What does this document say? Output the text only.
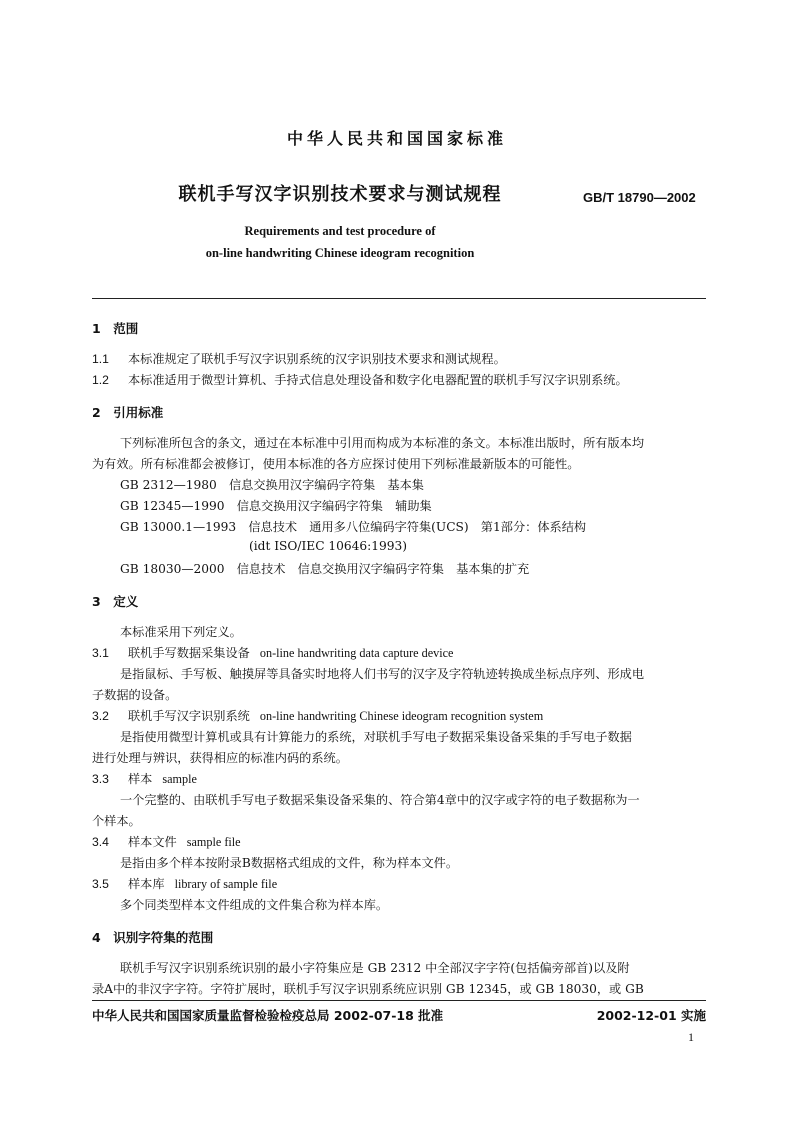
中华人民共和国国家标准
联机手写汉字识别技术要求与测试规程	GB/T 18790—2002
Requirements and test procedure of
on-line handwriting Chinese ideogram recognition
1　范围
1.1 本标准规定了联机手写汉字识别系统的汉字识别技术要求和测试规程。
1.2 本标准适用于微型计算机、手持式信息处理设备和数字化电器配置的联机手写汉字识别系统。
2　引用标准
下列标准所包含的条文，通过在本标准中引用而构成为本标准的条文。本标准出版时，所有版本均
为有效。所有标准都会被修订，使用本标准的各方应探讨使用下列标准最新版本的可能性。
GB 2312—1980　信息交换用汉字编码字符集　基本集
GB 12345—1990　信息交换用汉字编码字符集　辅助集
GB 13000.1—1993　信息技术　通用多八位编码字符集(UCS)　第1部分：体系结构
(idt ISO/IEC 10646:1993)
GB 18030—2000　信息技术　信息交换用汉字编码字符集　基本集的扩充
3　定义
本标准采用下列定义。
3.1 联机手写数据采集设备 on-line handwriting data capture device
是指鼠标、手写板、触摸屏等具备实时地将人们书写的汉字及字符轨迹转换成坐标点序列、形成电
子数据的设备。
3.2 联机手写汉字识别系统 on-line handwriting Chinese ideogram recognition system
是指使用微型计算机或具有计算能力的系统，对联机手写电子数据采集设备采集的手写电子数据
进行处理与辨识，获得相应的标准内码的系统。
3.3 样本 sample
一个完整的、由联机手写电子数据采集设备采集的、符合第4章中的汉字或字符的电子数据称为一
个样本。
3.4 样本文件 sample file
是指由多个样本按附录B数据格式组成的文件，称为样本文件。
3.5 样本库 library of sample file
多个同类型样本文件组成的文件集合称为样本库。
4　识别字符集的范围
联机手写汉字识别系统识别的最小字符集应是 GB 2312 中全部汉字字符(包括偏旁部首)以及附
录A中的非汉字字符。字符扩展时，联机手写汉字识别系统应识别 GB 12345，或 GB 18030，或 GB
中华人民共和国国家质量监督检验检疫总局 2002-07-18 批准	2002-12-01 实施
1
